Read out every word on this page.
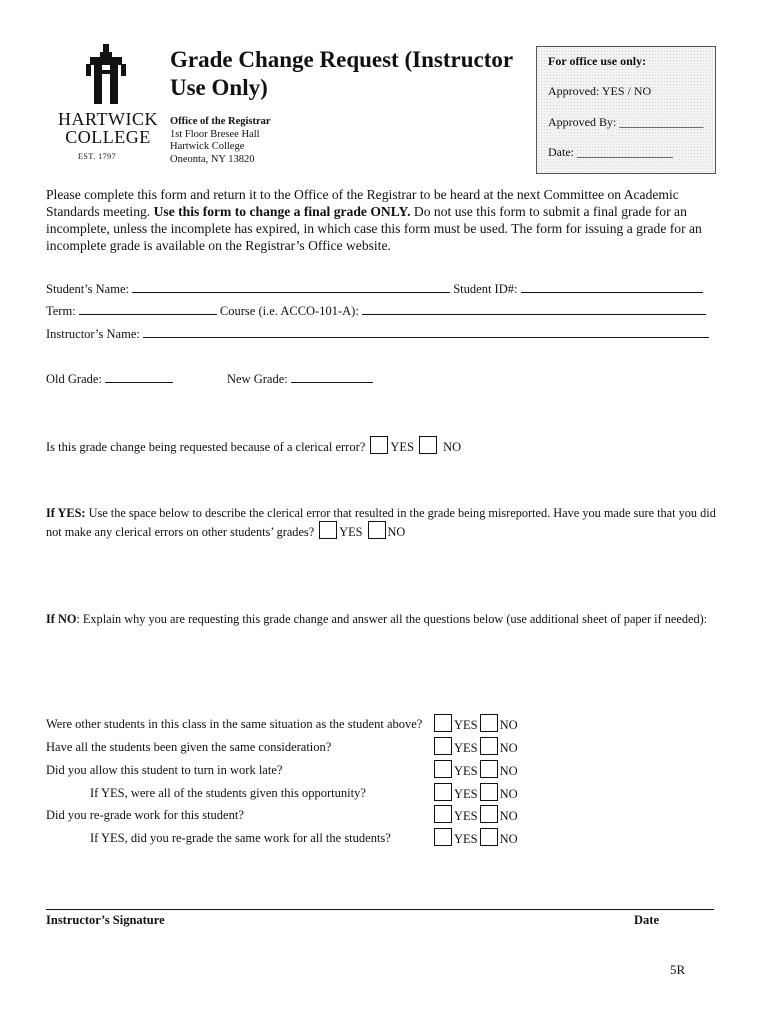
HARTWICK
COLLEGE
EST. 1797
Grade Change Request (Instructor Use Only)
Office of the Registrar
1st Floor Bresee Hall
Hartwick College
Oneonta, NY 13820
For office use only:
Approved: YES / NO
Approved By: ______________
Date: ________________
Please complete this form and return it to the Office of the Registrar to be heard at the next Committee on Academic Standards meeting. Use this form to change a final grade ONLY. Do not use this form to submit a final grade for an incomplete, unless the incomplete has expired, in which case this form must be used. The form for issuing a grade for an incomplete grade is available on the Registrar’s Office website.
Student’s Name:	Student ID#:
Term:	Course (i.e. ACCO-101-A):
Instructor’s Name:
Old Grade:	New Grade:
Is this grade change being requested because of a clerical error? YES NO
If YES: Use the space below to describe the clerical error that resulted in the grade being misreported. Have you made sure that you did not make any clerical errors on other students’ grades? YES NO
If NO: Explain why you are requesting this grade change and answer all the questions below (use additional sheet of paper if needed):
Were other students in this class in the same situation as the student above?	YES NO
Have all the students been given the same consideration?	YES NO
Did you allow this student to turn in work late?	YES NO
If YES, were all of the students given this opportunity?	YES NO
Did you re-grade work for this student?	YES NO
If YES, did you re-grade the same work for all the students?	YES NO
Instructor’s Signature	Date
5R
